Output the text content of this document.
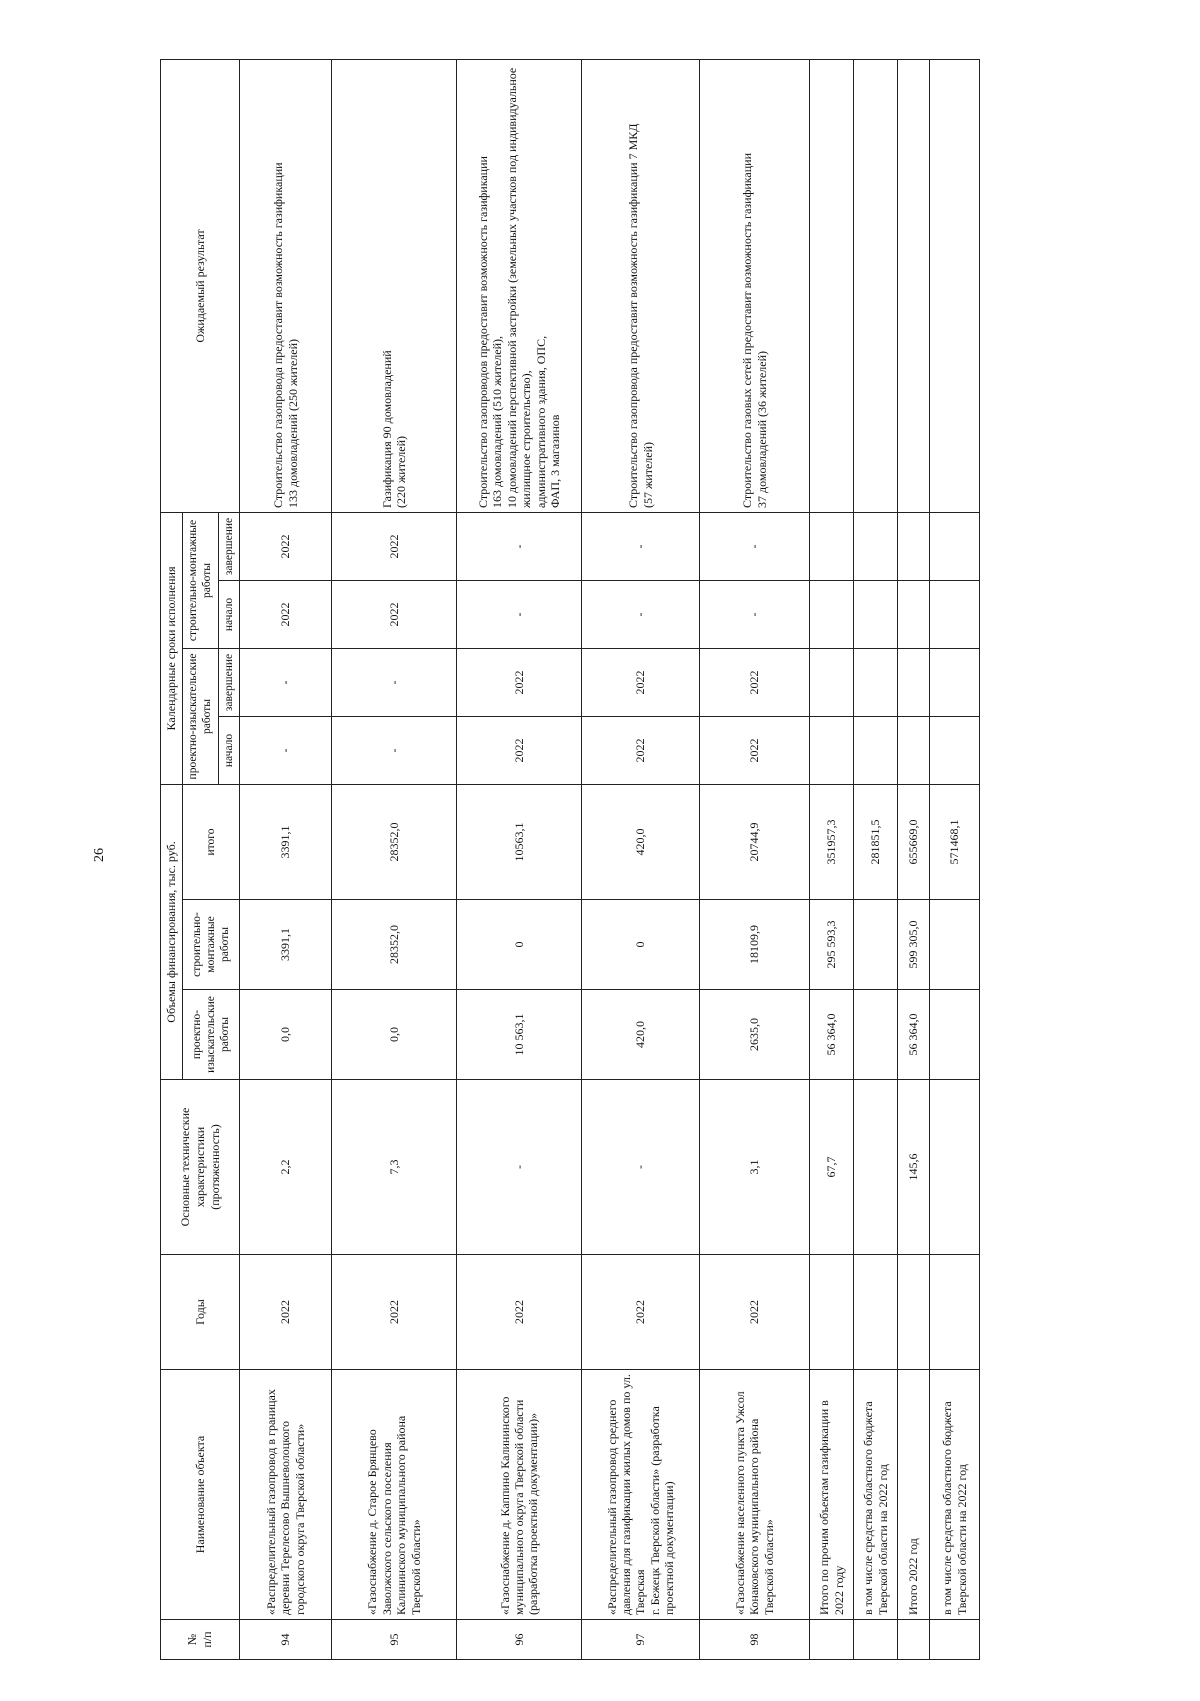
26
№
п/п	Наименование объекта	Годы	Основные технические характеристики (протяженность)	Объемы финансирования, тыс. руб.			Календарные сроки исполнения				Ожидаемый результат
				проектно-изыскательские работы	строительно-монтажные работы	итого	проектно-изыскательские работы		строительно-монтажные работы		
							начало	завершение	начало	завершение	
94	«Распределительный газопровод в границах деревни Терелесово Вышневолоцкого городского округа Тверской области»	2022	2,2	0,0	3391,1	3391,1	-	-	2022	2022	Строительство газопровода предоставит возможность газификации
133 домовладений (250 жителей)
95	«Газоснабжение д. Старое Брянцево Заволжского сельского поселения Калининского муниципального района Тверской области»	2022	7,3	0,0	28352,0	28352,0	-	-	2022	2022	Газификация 90 домовладений
(220 жителей)
96	«Газоснабжение д. Каппино Калининского муниципального округа Тверской области (разработка проектной документации)»	2022	-	10 563,1	0	10563,1	2022	2022	-	-	Строительство газопроводов предоставит возможность газификации
163 домовладений (510 жителей),
10 домовладений перспективной застройки (земельных участков под индивидуальное жилищное строительство),
административного здания, ОПС,
ФАП, 3 магазинов
97	«Распределительный газопровод среднего давления для газификации жилых домов по ул. Тверская
г. Бежецк Тверской области» (разработка проектной документации)	2022	-	420,0	0	420,0	2022	2022	-	-	Строительство газопровода предоставит возможность газификации 7 МКД
(57 жителей)
98	«Газоснабжение населенного пункта Ужсол Конаковского муниципального района Тверской области»	2022	3,1	2635,0	18109,9	20744,9	2022	2022	-	-	Строительство газовых сетей предоставит возможность газификации
37 домовладений (36 жителей)
	Итого по прочим объектам газификации в 2022 году		67,7	56 364,0	295 593,3	351957,3					
	в том числе средства областного бюджета Тверской области на 2022 год					281851,5					
	Итого 2022 год		145,6	56 364,0	599 305,0	655669,0					
	в том числе средства областного бюджета Тверской области на 2022 год					571468,1					
